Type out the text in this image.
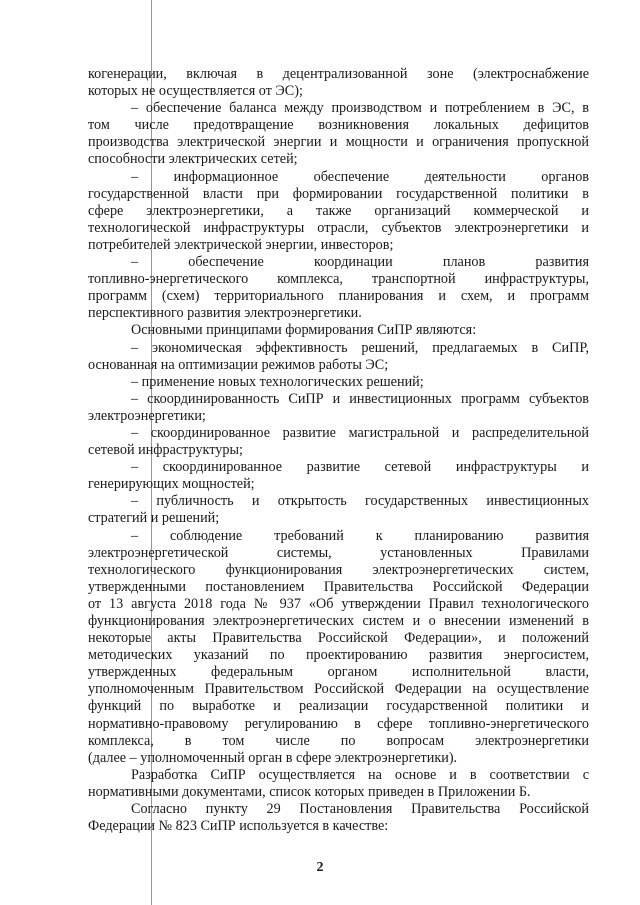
когенерации, включая в децентрализованной зоне (электроснабжение
которых не осуществляется от ЭС);
– обеспечение баланса между производством и потреблением в ЭС, в
том числе предотвращение возникновения локальных дефицитов
производства электрической энергии и мощности и ограничения пропускной
способности электрических сетей;
– информационное обеспечение деятельности органов
государственной власти при формировании государственной политики в
сфере электроэнергетики, а также организаций коммерческой и
технологической инфраструктуры отрасли, субъектов электроэнергетики и
потребителей электрической энергии, инвесторов;
– обеспечение координации планов развития
топливно-энергетического комплекса, транспортной инфраструктуры,
программ (схем) территориального планирования и схем, и программ
перспективного развития электроэнергетики.
Основными принципами формирования СиПР являются:
– экономическая эффективность решений, предлагаемых в СиПР,
основанная на оптимизации режимов работы ЭС;
– применение новых технологических решений;
– скоординированность СиПР и инвестиционных программ субъектов
электроэнергетики;
– скоординированное развитие магистральной и распределительной
сетевой инфраструктуры;
– скоординированное развитие сетевой инфраструктуры и
генерирующих мощностей;
– публичность и открытость государственных инвестиционных
стратегий и решений;
– соблюдение требований к планированию развития
электроэнергетической системы, установленных Правилами
технологического функционирования электроэнергетических систем,
утвержденными постановлением Правительства Российской Федерации
от 13 августа 2018 года № 937 «Об утверждении Правил технологического
функционирования электроэнергетических систем и о внесении изменений в
некоторые акты Правительства Российской Федерации», и положений
методических указаний по проектированию развития энергосистем,
утвержденных федеральным органом исполнительной власти,
уполномоченным Правительством Российской Федерации на осуществление
функций по выработке и реализации государственной политики и
нормативно-правовому регулированию в сфере топливно-энергетического
комплекса, в том числе по вопросам электроэнергетики
(далее – уполномоченный орган в сфере электроэнергетики).
Разработка СиПР осуществляется на основе и в соответствии с
нормативными документами, список которых приведен в Приложении Б.
Согласно пункту 29 Постановления Правительства Российской
Федерации № 823 СиПР используется в качестве:
2
